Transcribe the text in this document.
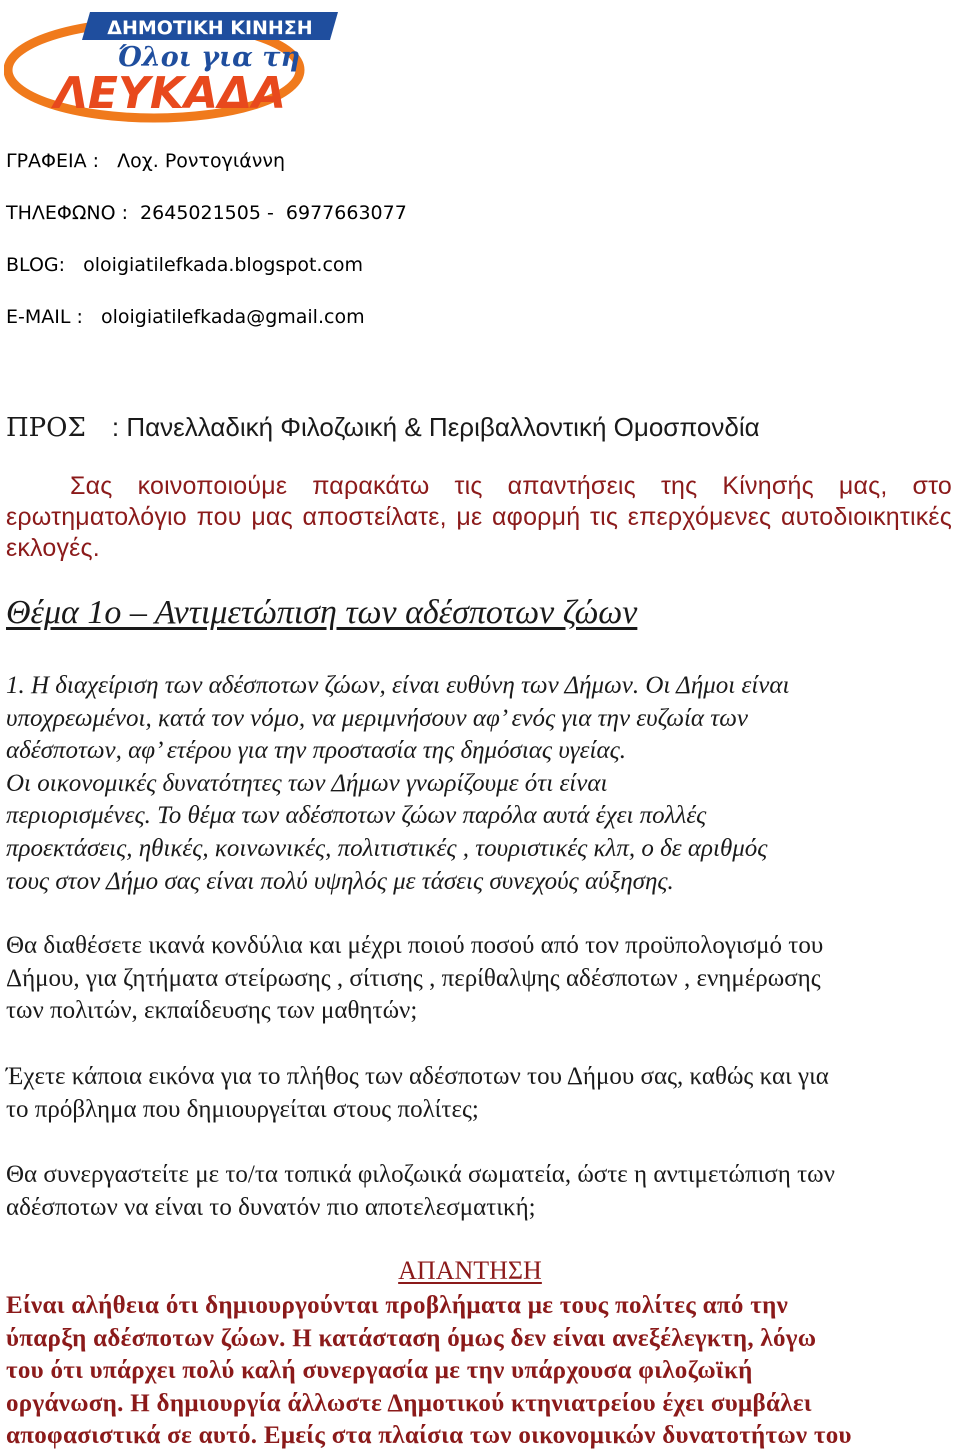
ΔΗΜΟΤΙΚΗ ΚΙΝΗΣΗ
Όλοι για τη
ΛΕΥΚΑΔΑ
ΓΡΑΦΕΙΑ :   Λοχ. Ροντογιάννη
ΤΗΛΕΦΩΝΟ :  2645021505 -  6977663077
BLOG:   oloigiatilefkada.blogspot.com
E-MAIL :   oloigiatilefkada@gmail.com
ΠΡΟΣ : Πανελλαδική Φιλοζωική & Περιβαλλοντική Ομοσπονδία
Σας κοινοποιούμε παρακάτω τις απαντήσεις της Κίνησής μας, στο ερωτηματολόγιο που μας αποστείλατε, με αφορμή τις επερχόμενες αυτοδιοικητικές εκλογές.
Θέμα 1ο – Αντιμετώπιση των αδέσποτων ζώων

1. Η διαχείριση των αδέσποτων ζώων, είναι ευθύνη των Δήμων. Οι Δήμοι είναι

υποχρεωμένοι, κατά τον νόμο, να μεριμνήσουν αφ’ ενός για την ευζωία των

αδέσποτων, αφ’ ετέρου για την προστασία της δημόσιας υγείας.

Οι οικονομικές δυνατότητες των Δήμων γνωρίζουμε ότι είναι

περιορισμένες. Το θέμα των αδέσποτων ζώων παρόλα αυτά έχει πολλές

προεκτάσεις, ηθικές, κοινωνικές, πολιτιστικές , τουριστικές κλπ, ο δε αριθμός

τους στον Δήμο σας είναι πολύ υψηλός με τάσεις συνεχούς αύξησης.

Θα διαθέσετε ικανά κονδύλια και μέχρι ποιού ποσού από τον προϋπολογισμό του

Δήμου, για ζητήματα στείρωσης , σίτισης , περίθαλψης αδέσποτων , ενημέρωσης

των πολιτών, εκπαίδευσης των μαθητών;

Έχετε κάποια εικόνα για το πλήθος των αδέσποτων του Δήμου σας, καθώς και για

το πρόβλημα που δημιουργείται στους πολίτες;

Θα συνεργαστείτε με το/τα τοπικά φιλοζωικά σωματεία, ώστε η αντιμετώπιση των

αδέσποτων να είναι το δυνατόν πιο αποτελεσματική;

ΑΠΑΝΤΗΣΗ

Είναι αλήθεια ότι δημιουργούνται προβλήματα με τους πολίτες από την

ύπαρξη αδέσποτων ζώων. Η κατάσταση όμως δεν είναι ανεξέλεγκτη, λόγω

του ότι υπάρχει πολύ καλή συνεργασία με την υπάρχουσα φιλοζωϊκή

οργάνωση. Η δημιουργία άλλωστε Δημοτικού κτηνιατρείου έχει συμβάλει

αποφασιστικά σε αυτό. Εμείς στα πλαίσια των οικονομικών δυνατοτήτων του
